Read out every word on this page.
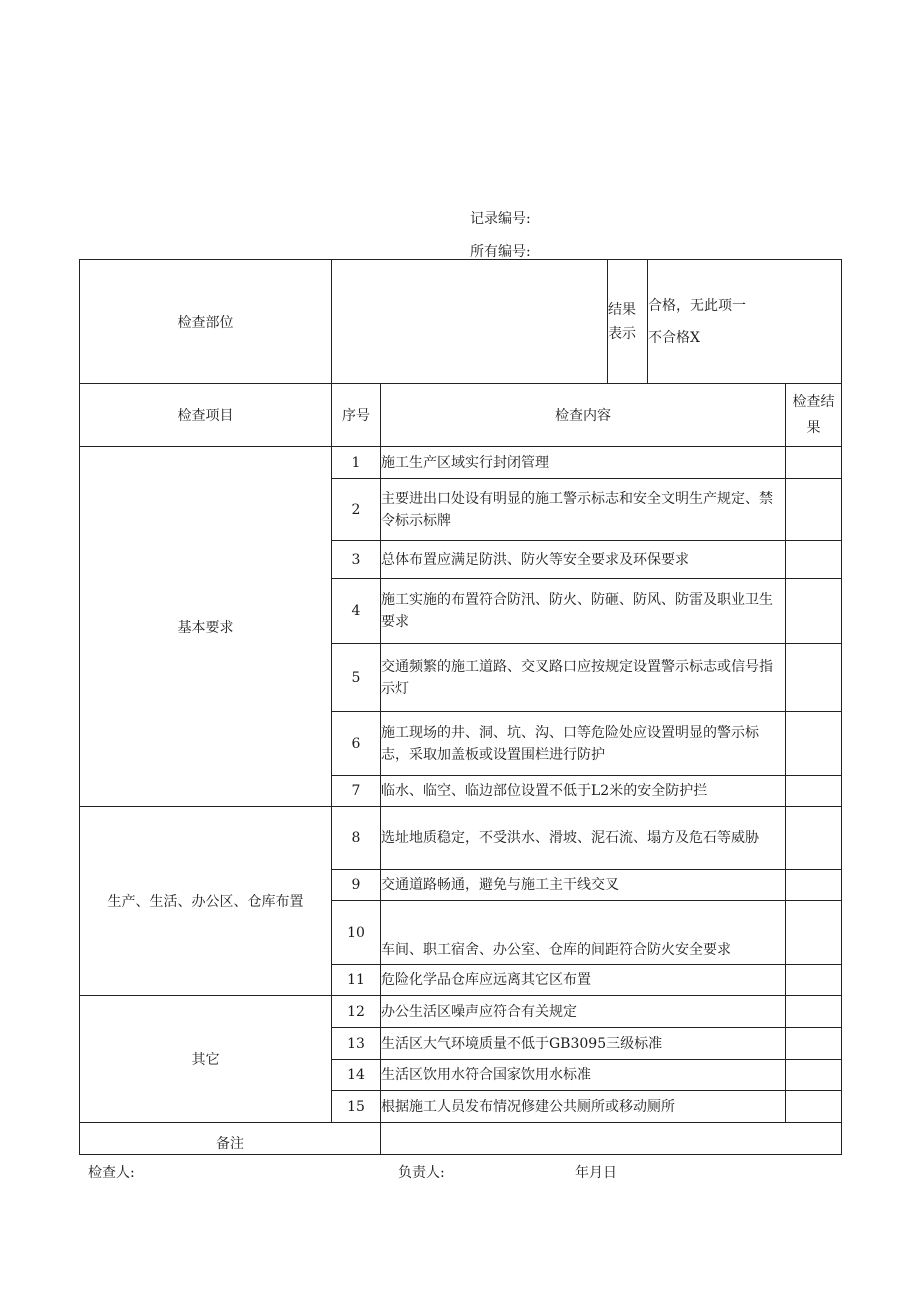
记录编号:
所有编号:
检查部位			结果表示	合格，无此项一
不合格X	

检查项目	序号	检查内容			检查结果
基本要求	1	施工生产区域实行封闭管理			
	2	主要进出口处设有明显的施工警示标志和安全文明生产规定、禁令标示标牌			
	3	总体布置应满足防洪、防火等安全要求及环保要求			
	4	施工实施的布置符合防汛、防火、防砸、防风、防雷及职业卫生要求			
	5	交通频繁的施工道路、交叉路口应按规定设置警示标志或信号指示灯			
	6	施工现场的井、洞、坑、沟、口等危险处应设置明显的警示标志，采取加盖板或设置围栏进行防护			
	7	临水、临空、临边部位设置不低于L2米的安全防护拦			
生产、生活、办公区、仓库布置	8	选址地质稳定，不受洪水、滑坡、泥石流、塌方及危石等威胁			
	9	交通道路畅通，避免与施工主干线交叉			
	10	车间、职工宿舍、办公室、仓库的间距符合防火安全要求			
	11	危险化学品仓库应远离其它区布置			
其它	12	办公生活区噪声应符合有关规定			
	13	生活区大气环境质量不低于GB3095三级标准			
	14	生活区饮用水符合国家饮用水标准			
	15	根据施工人员发布情况修建公共厕所或移动厕所			
备注					
检查人:	负责人:	年月日
